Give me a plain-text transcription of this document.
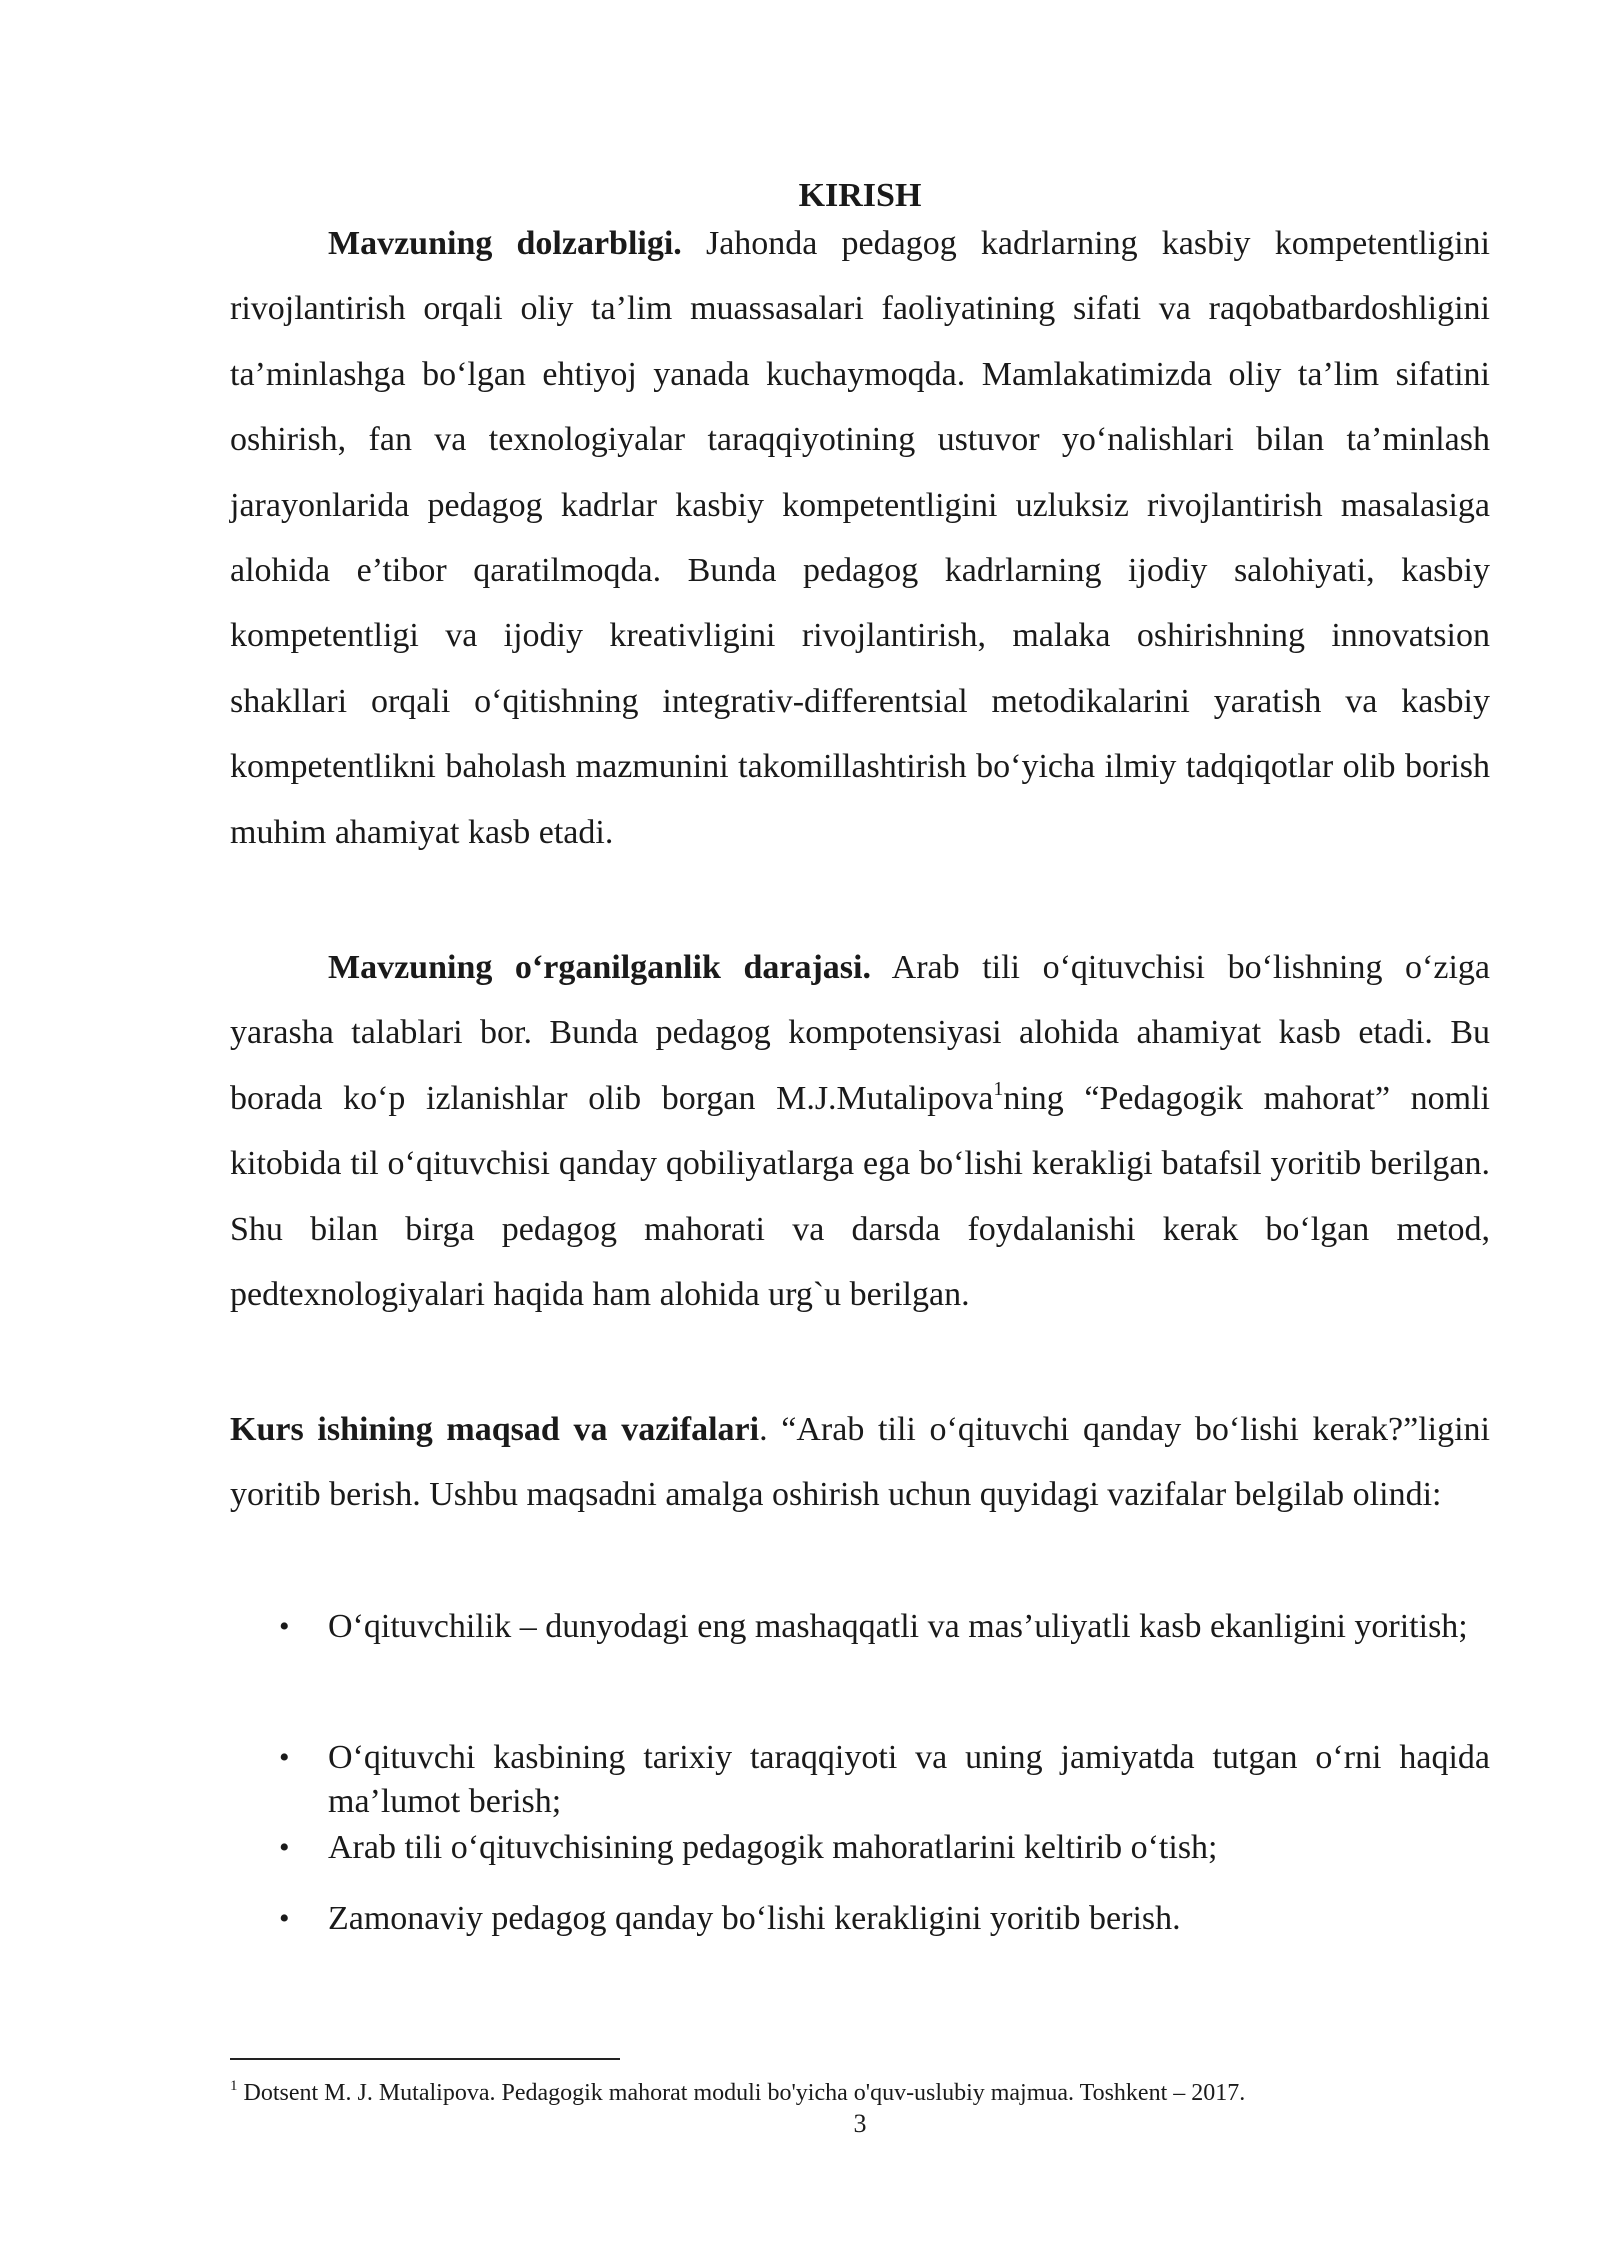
KIRISH

Mavzuning dolzarbligi. Jahonda pedagog kadrlarning kasbiy kompetentligini rivojlantirish orqali oliy ta’lim muassasalari faoliyatining sifati va raqobatbardoshligini ta’minlashga bo‘lgan ehtiyoj yanada kuchaymoqda. Mamlakatimizda oliy ta’lim sifatini oshirish, fan va texnologiyalar taraqqiyotining ustuvor yo‘nalishlari bilan ta’minlash jarayonlarida pedagog kadrlar kasbiy kompetentligini uzluksiz rivojlantirish masalasiga alohida e’tibor qaratilmoqda. Bunda pedagog kadrlarning ijodiy salohiyati, kasbiy kompetentligi va ijodiy kreativligini rivojlantirish, malaka oshirishning innovatsion shakllari orqali o‘qitishning integrativ-differentsial metodikalarini yaratish va kasbiy kompetentlikni baholash mazmunini takomillashtirish bo‘yicha ilmiy tadqiqotlar olib borish muhim ahamiyat kasb etadi.

Mavzuning o‘rganilganlik darajasi. Arab tili o‘qituvchisi bo‘lishning o‘ziga yarasha talablari bor. Bunda pedagog kompotensiyasi alohida ahamiyat kasb etadi. Bu borada ko‘p izlanishlar olib borgan M.J.Mutalipova$^1$ning “Pedagogik mahorat” nomli kitobida til o‘qituvchisi qanday qobiliyatlarga ega bo‘lishi kerakligi batafsil yoritib berilgan. Shu bilan birga pedagog mahorati va darsda foydalanishi kerak bo‘lgan metod, pedtexnologiyalari haqida ham alohida urg`u berilgan.

Kurs ishining maqsad va vazifalari. “Arab tili o‘qituvchi qanday bo‘lishi kerak?”ligini yoritib berish. Ushbu maqsadni amalga oshirish uchun quyidagi vazifalar belgilab olindi:

• O‘qituvchilik – dunyodagi eng mashaqqatli va mas’uliyatli kasb ekanligini yoritish;
• O‘qituvchi kasbining tarixiy taraqqiyoti va uning jamiyatda tutgan o‘rni haqida ma’lumot berish;
• Arab tili o‘qituvchisining pedagogik mahoratlarini keltirib o‘tish;
• Zamonaviy pedagog qanday bo‘lishi kerakligini yoritib berish.

$^1$ Dotsent M. J. Mutalipova. Pedagogik mahorat moduli bo'yicha o'quv-uslubiy majmua. Toshkent – 2017.

3
